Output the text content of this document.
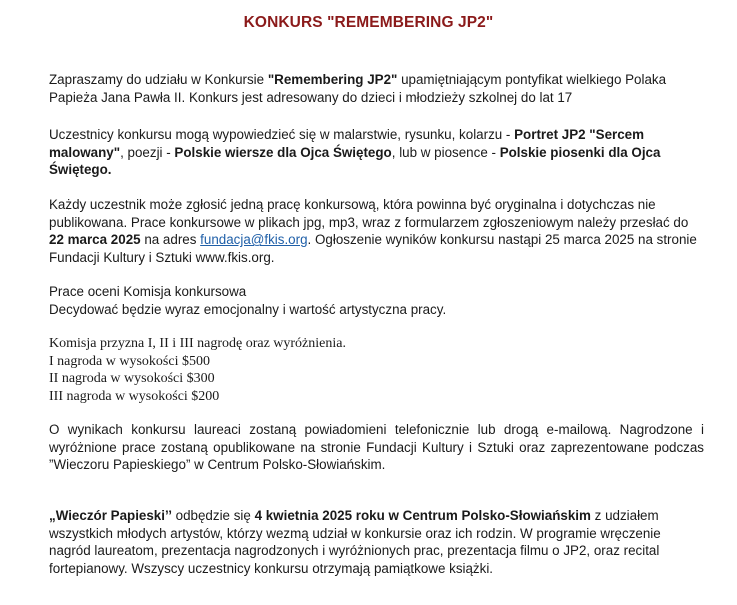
KONKURS "REMEMBERING JP2"

Zapraszamy do udziału w Konkursie "Remembering JP2" upamiętniającym pontyfikat wielkiego Polaka Papieża Jana Pawła II. Konkurs jest adresowany do dzieci i młodzieży szkolnej do lat 17

Uczestnicy konkursu mogą wypowiedzieć się w malarstwie, rysunku, kolarzu - Portret JP2 "Sercem malowany", poezji - Polskie wiersze dla Ojca Świętego, lub w piosence - Polskie piosenki dla Ojca Świętego.

Każdy uczestnik może zgłosić jedną pracę konkursową, która powinna być oryginalna i dotychczas nie publikowana. Prace konkursowe w plikach jpg, mp3, wraz z formularzem zgłoszeniowym należy przesłać do 22 marca 2025 na adres fundacja@fkis.org. Ogłoszenie wyników konkursu nastąpi 25 marca 2025 na stronie Fundacji Kultury i Sztuki www.fkis.org.

Prace oceni Komisja konkursowa
Decydować będzie wyraz emocjonalny i wartość artystyczna pracy.

Komisja przyzna I, II i III nagrodę oraz wyróżnienia.
I nagroda w wysokości $500
II nagroda w wysokości $300
III nagroda w wysokości $200

O wynikach konkursu laureaci zostaną powiadomieni telefonicznie lub drogą e-mailową. Nagrodzone i wyróżnione prace zostaną opublikowane na stronie Fundacji Kultury i Sztuki oraz zaprezentowane podczas ”Wieczoru Papieskiego” w Centrum Polsko-Słowiańskim.

„Wieczór Papieski’’ odbędzie się 4 kwietnia 2025 roku w Centrum Polsko-Słowiańskim z udziałem wszystkich młodych artystów, którzy wezmą udział w konkursie oraz ich rodzin. W programie wręczenie nagród laureatom, prezentacja nagrodzonych i wyróżnionych prac, prezentacja filmu o JP2, oraz recital fortepianowy. Wszyscy uczestnicy konkursu otrzymają pamiątkowe książki.
